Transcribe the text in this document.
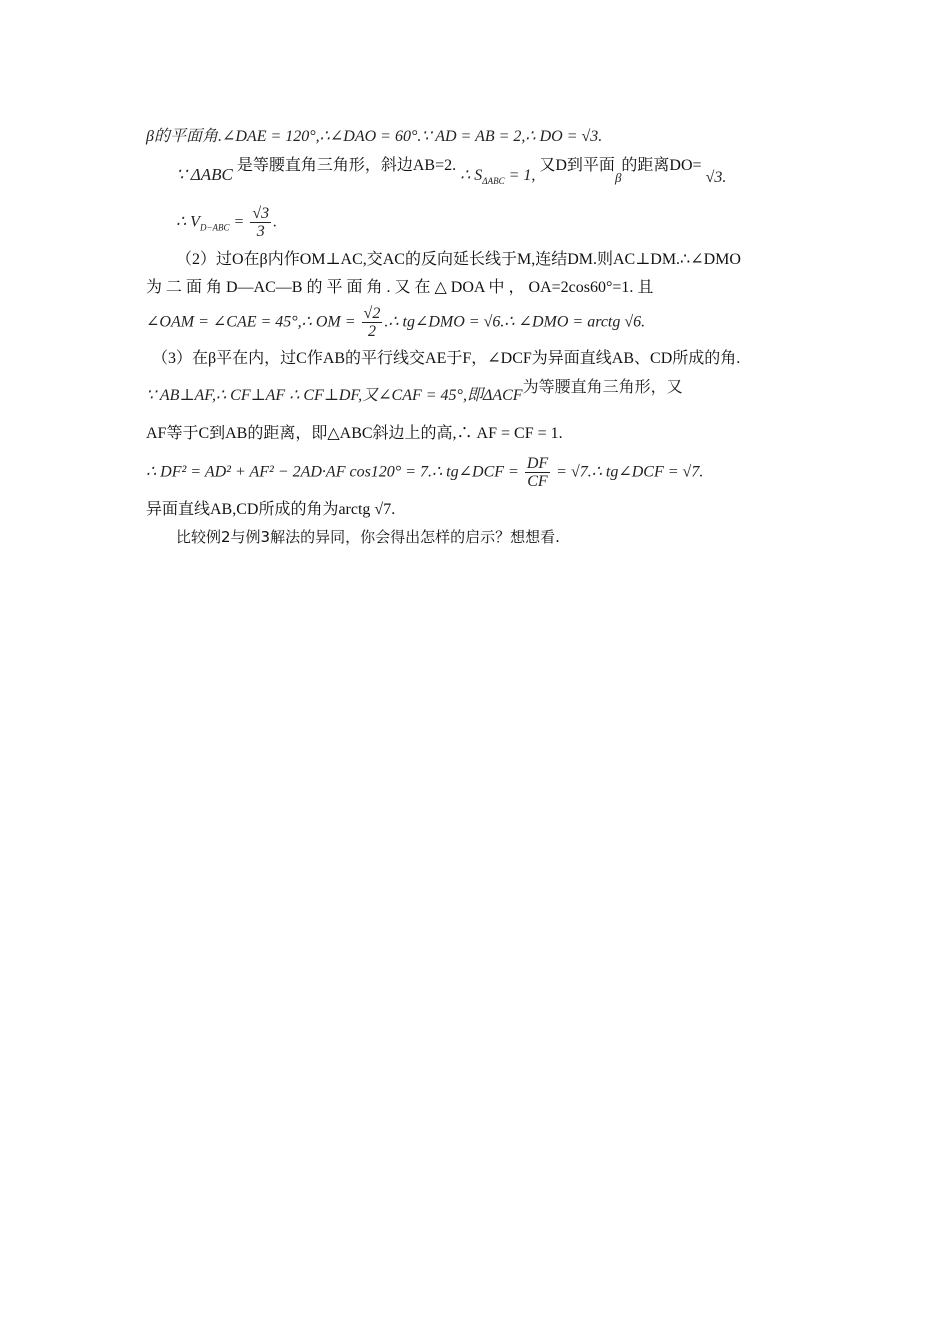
β的平面角.∠DAE = 120°,∴∠DAO = 60°.∵ AD = AB = 2,∴ DO = √3.
∵ ΔABC 是等腰直角三角形，斜边AB=2. ∴ $S_{\Delta ABC} = 1$, 又D到平面$_\beta$的距离DO= √3.
∴ $V_{D-ABC} = \frac{√3}{3}$ .
（2）过O在β内作OM⊥AC,交AC的反向延长线于M,连结DM.则AC⊥DM.∴∠DMO
为 二 面 角 D—AC—B 的 平 面 角 . 又 在 △ DOA 中 ， OA=2cos60°=1. 且
∠OAM = ∠CAE = 45°,∴ OM = $\frac{√2}{2}$ .∴ tg∠DMO = √6.∴ ∠DMO = arctg √6.
（3）在β平在内，过C作AB的平行线交AE于F，∠DCF为异面直线AB、CD所成的角.
∵ AB⊥AF,∴ CF⊥AF ∴ CF⊥DF,又∠CAF = 45°,即ΔACF为等腰直角三角形，又
AF等于C到AB的距离，即△ABC斜边上的高,∴ AF = CF = 1.
∴ DF² = AD² + AF² − 2AD·AF cos120° = 7.∴ tg∠DCF = $\frac{DF}{CF}$ = √7.∴ tg∠DCF = √7.
异面直线AB,CD所成的角为arctg √7.
比较例2与例3解法的异同，你会得出怎样的启示？想想看.
